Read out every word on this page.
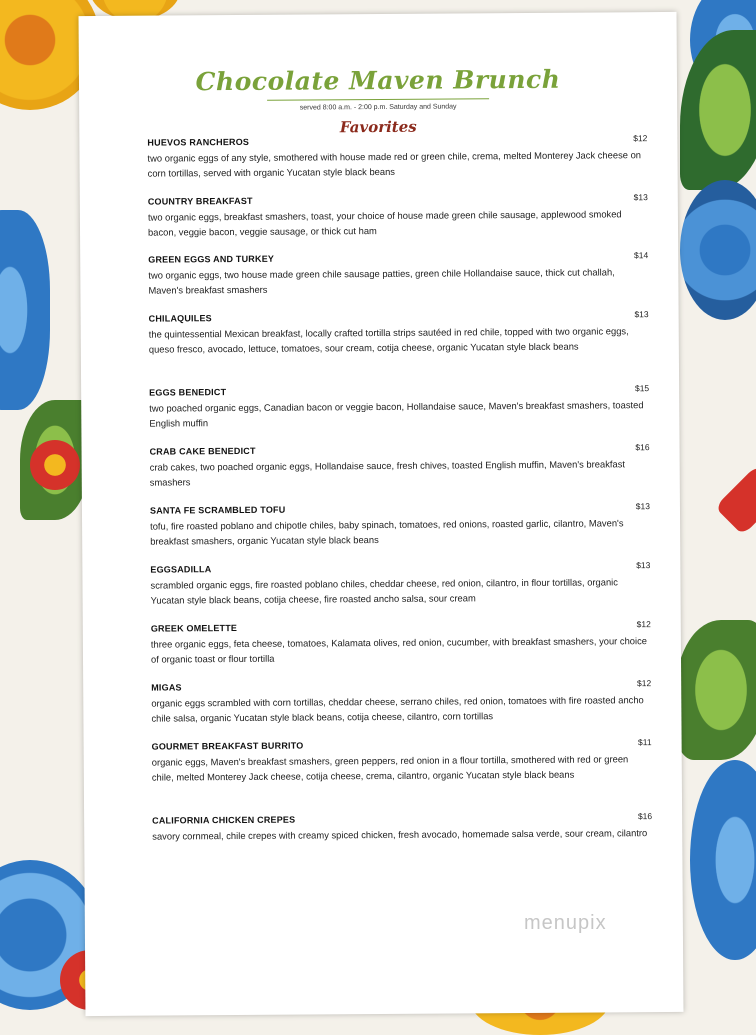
Chocolate Maven Brunch
served 8:00 a.m. - 2:00 p.m. Saturday and Sunday
Favorites
HUEVOS RANCHEROS	$12
two organic eggs of any style, smothered with house made red or green chile, crema, melted Monterey Jack cheese on corn tortillas, served with organic Yucatan style black beans
COUNTRY BREAKFAST	$13
two organic eggs, breakfast smashers, toast, your choice of house made green chile sausage, applewood smoked bacon, veggie bacon, veggie sausage, or thick cut ham
GREEN EGGS AND TURKEY	$14
two organic eggs, two house made green chile sausage patties, green chile Hollandaise sauce, thick cut challah, Maven's breakfast smashers
CHILAQUILES	$13
the quintessential Mexican breakfast, locally crafted tortilla strips sautéed in red chile, topped with two organic eggs, queso fresco, avocado, lettuce, tomatoes, sour cream, cotija cheese, organic Yucatan style black beans
EGGS BENEDICT	$15
two poached organic eggs, Canadian bacon or veggie bacon, Hollandaise sauce, Maven's breakfast smashers, toasted English muffin
CRAB CAKE BENEDICT	$16
crab cakes, two poached organic eggs, Hollandaise sauce, fresh chives, toasted English muffin, Maven's breakfast smashers
SANTA FE SCRAMBLED TOFU	$13
tofu, fire roasted poblano and chipotle chiles, baby spinach, tomatoes, red onions, roasted garlic, cilantro, Maven's breakfast smashers, organic Yucatan style black beans
EGGSADILLA	$13
scrambled organic eggs, fire roasted poblano chiles, cheddar cheese, red onion, cilantro, in flour tortillas, organic Yucatan style black beans, cotija cheese, fire roasted ancho salsa, sour cream
GREEK OMELETTE	$12
three organic eggs, feta cheese, tomatoes, Kalamata olives, red onion, cucumber, with breakfast smashers, your choice of organic toast or flour tortilla
MIGAS	$12
organic eggs scrambled with corn tortillas, cheddar cheese, serrano chiles, red onion, tomatoes with fire roasted ancho chile salsa, organic Yucatan style black beans, cotija cheese, cilantro, corn tortillas
GOURMET BREAKFAST BURRITO	$11
organic eggs, Maven's breakfast smashers, green peppers, red onion in a flour tortilla, smothered with red or green chile, melted Monterey Jack cheese, cotija cheese, crema, cilantro, organic Yucatan style black beans
CALIFORNIA CHICKEN CREPES	$16
savory cornmeal, chile crepes with creamy spiced chicken, fresh avocado, homemade salsa verde, sour cream, cilantro
menupix
